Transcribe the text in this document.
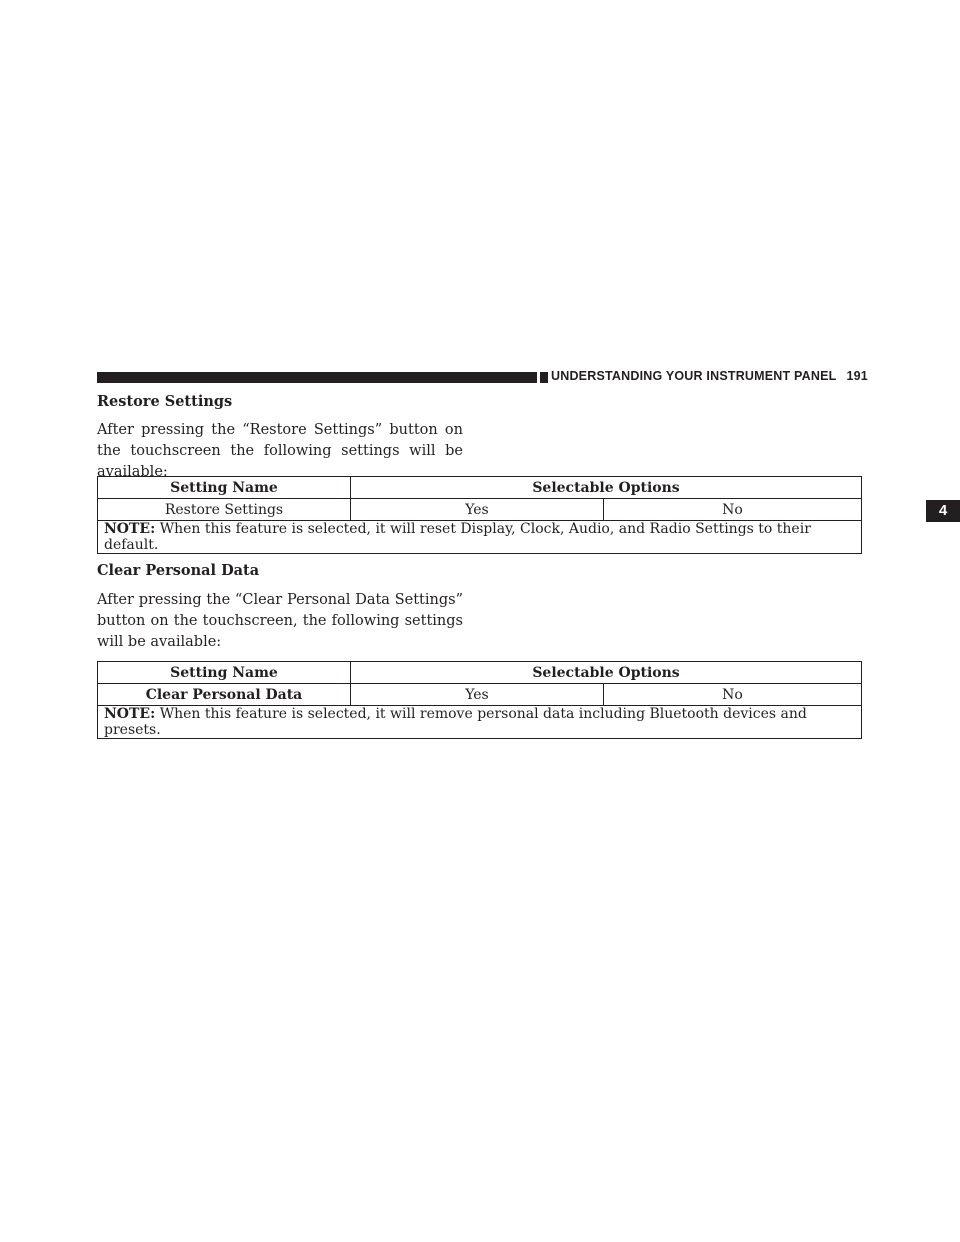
UNDERSTANDING YOUR INSTRUMENT PANEL 191
4
Restore Settings
After pressing the “Restore Settings” button on the touchscreen the following settings will be available:
Setting Name	Selectable Options	
Restore Settings	Yes	No
NOTE: When this feature is selected, it will reset Display, Clock, Audio, and Radio Settings to their default.		
Clear Personal Data
After pressing the “Clear Personal Data Settings” button on the touchscreen, the following settings will be available:
Setting Name	Selectable Options	
Clear Personal Data	Yes	No
NOTE: When this feature is selected, it will remove personal data including Bluetooth devices and presets.		
